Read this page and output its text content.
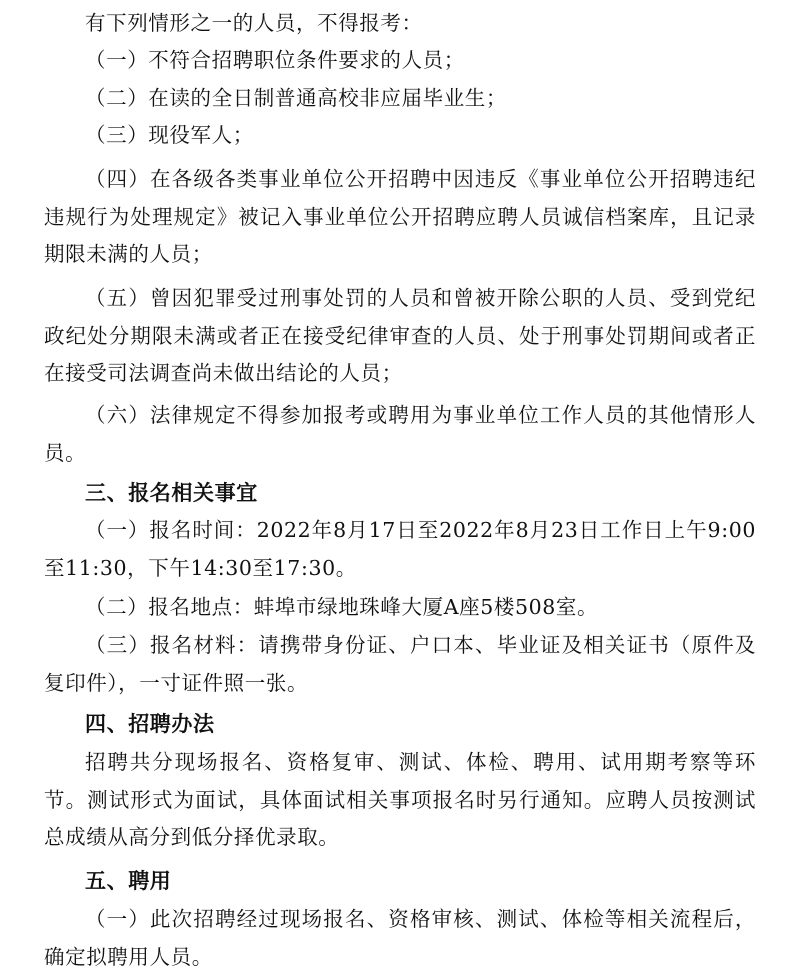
有下列情形之一的人员，不得报考：

（一）不符合招聘职位条件要求的人员；

（二）在读的全日制普通高校非应届毕业生；

（三）现役军人；

（四）在各级各类事业单位公开招聘中因违反《事业单位公开招聘违纪违规行为处理规定》被记入事业单位公开招聘应聘人员诚信档案库，且记录期限未满的人员；

（五）曾因犯罪受过刑事处罚的人员和曾被开除公职的人员、受到党纪政纪处分期限未满或者正在接受纪律审查的人员、处于刑事处罚期间或者正在接受司法调查尚未做出结论的人员；

（六）法律规定不得参加报考或聘用为事业单位工作人员的其他情形人员。

三、报名相关事宜

（一）报名时间：2022年8月17日至2022年8月23日工作日上午9:00至11:30，下午14:30至17:30。

（二）报名地点：蚌埠市绿地珠峰大厦A座5楼508室。

（三）报名材料：请携带身份证、户口本、毕业证及相关证书（原件及复印件），一寸证件照一张。

四、招聘办法

招聘共分现场报名、资格复审、测试、体检、聘用、试用期考察等环节。测试形式为面试，具体面试相关事项报名时另行通知。应聘人员按测试总成绩从高分到低分择优录取。

五、聘用

（一）此次招聘经过现场报名、资格审核、测试、体检等相关流程后，确定拟聘用人员。
